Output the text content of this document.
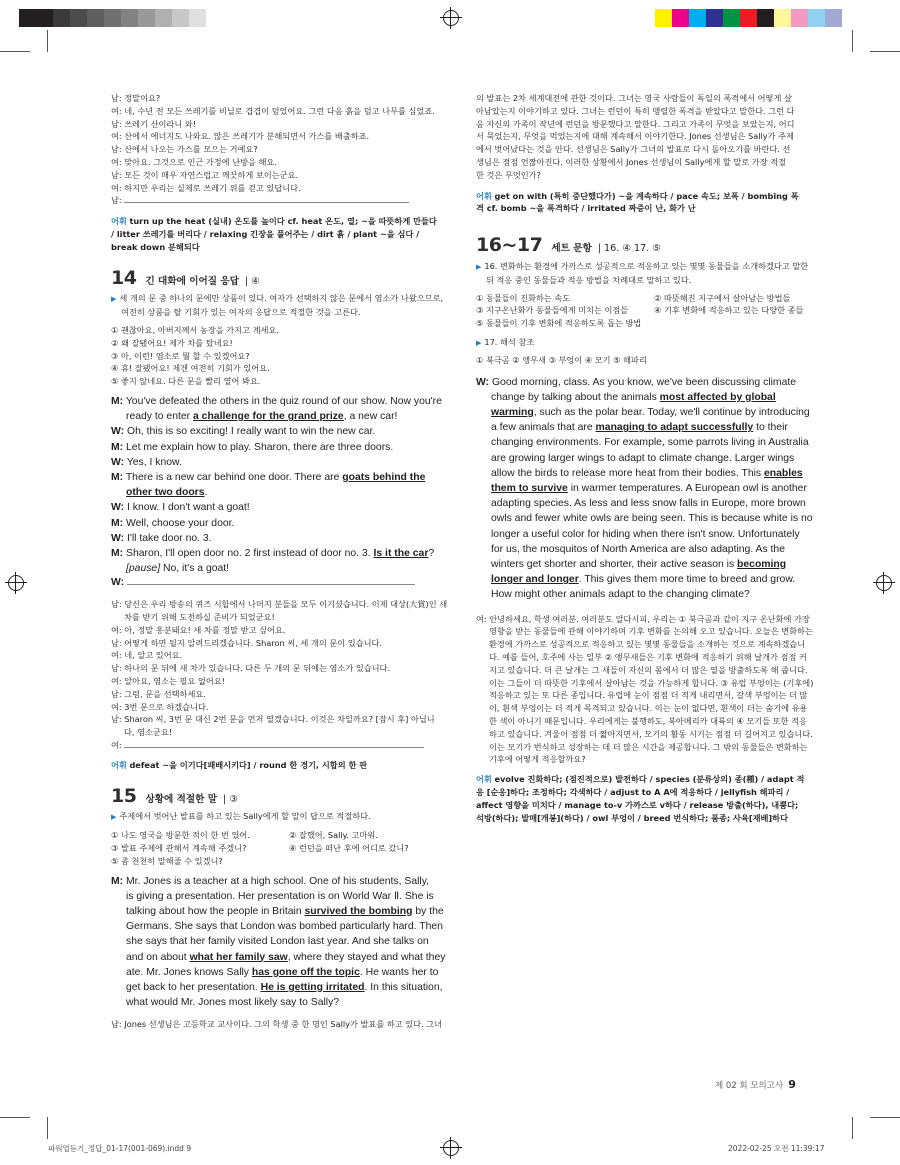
남: 정말이요?
여: 네, 수년 전 모든 쓰레기를 비닐로 겹겹이 덮었어요. 그런 다음 흙을 덮고 나무를 심었죠.
남: 쓰레기 산이라니 와!
여: 산에서 에너지도 나와요. 많은 쓰레기가 분해되면서 가스를 배출하죠.
남: 산에서 나오는 가스를 모으는 거예요?
여: 맞아요. 그것으로 인근 가정에 난방을 해요.
남: 모든 것이 매우 자연스럽고 깨끗하게 보이는군요.
여: 하지만 우리는 실제로 쓰레기 위를 걷고 있답니다.
남:
어휘 turn up the heat (실내) 온도를 높이다 cf. heat 온도, 열; ~을 따뜻하게 만들다 / litter 쓰레기를 버리다 / relaxing 긴장을 풀어주는 / dirt 흙 / plant ~을 심다 / break down 분해되다
14 긴 대화에 이어질 응답 | ④
▶ 세 개의 문 중 하나의 문에만 상품이 있다. 여자가 선택하지 않은 문에서 염소가 나왔으므로,
여전히 상품을 탈 기회가 있는 여자의 응답으로 적절한 것을 고른다.
① 괜찮아요, 아버지께서 농장을 가지고 계세요.
② 왜 잘됐어요! 제가 차를 탔네요!
③ 아, 이런! 염소로 뭘 할 수 있겠어요?
④ 휴! 잘됐어요! 제겐 여전히 기회가 있어요.
⑤ 좋지 않네요. 다른 문을 빨리 열어 봐요.
M: You've defeated the others in the quiz round of our show. Now you're
ready to enter a challenge for the grand prize, a new car!
W: Oh, this is so exciting! I really want to win the new car.
M: Let me explain how to play. Sharon, there are three doors.
W: Yes, I know.
M: There is a new car behind one door. There are goats behind the
other two doors.
W: I know. I don't want a goat!
M: Well, choose your door.
W: I'll take door no. 3.
M: Sharon, I'll open door no. 2 first instead of door no. 3. Is it the car?
[pause] No, it's a goat!
W:
남: 당신은 우리 방송의 퀴즈 시합에서 나머지 분들을 모두 이기셨습니다. 이제 대상(大賞)인 새
차를 받기 위해 도전하실 준비가 되었군요!
여: 아, 정말 흥분돼요! 새 차를 정말 받고 싶어요.
남: 어떻게 하면 될지 알려드리겠습니다. Sharon 씨, 세 개의 문이 있습니다.
여: 네, 알고 있어요.
남: 하나의 문 뒤에 새 차가 있습니다. 다른 두 개의 문 뒤에는 염소가 있습니다.
여: 알아요, 염소는 필요 없어요!
남: 그럼, 문을 선택하세요.
여: 3번 문으로 하겠습니다.
남: Sharon 씨, 3번 문 대신 2번 문을 먼저 열겠습니다. 이것은 차일까요? [잠시 후] 아닙니
다, 염소군요!
여:
어휘 defeat ~을 이기다[패배시키다] / round 한 경기, 시합의 한 판
15 상황에 적절한 말 | ③
▶ 주제에서 벗어난 발표를 하고 있는 Sally에게 할 말이 답으로 적절하다.
① 나도 영국을 방문한 적이 한 번 있어.	② 잘했어, Sally. 고마워.
③ 발표 주제에 관해서 계속해 주겠니?	④ 런던을 떠난 후에 어디로 갔니?
⑤ 좀 천천히 말해줄 수 있겠니?
M: Mr. Jones is a teacher at a high school. One of his students, Sally,
is giving a presentation. Her presentation is on World War Ⅱ. She is
talking about how the people in Britain survived the bombing by the
Germans. She says that London was bombed particularly hard. Then
she says that her family visited London last year. And she talks on
and on about what her family saw, where they stayed and what they
ate. Mr. Jones knows Sally has gone off the topic. He wants her to
get back to her presentation. He is getting irritated. In this situation,
what would Mr. Jones most likely say to Sally?
남: Jones 선생님은 고등학교 교사이다. 그의 학생 중 한 명인 Sally가 발표를 하고 있다. 그녀
의 발표는 2차 세계대전에 관한 것이다. 그녀는 영국 사람들이 독일의 폭격에서 어떻게 살
아남았는지 이야기하고 있다. 그녀는 런던이 특히 맹렬한 폭격을 받았다고 말한다. 그런 다
음 자신의 가족이 작년에 런던을 방문했다고 말한다. 그리고 가족이 무엇을 보았는지, 어디
서 묵었는지, 무엇을 먹었는지에 대해 계속해서 이야기한다. Jones 선생님은 Sally가 주제
에서 벗어났다는 것을 안다. 선생님은 Sally가 그녀의 발표로 다시 돌아오기를 바란다. 선
생님은 점점 언짢아진다. 이러한 상황에서 Jones 선생님이 Sally에게 할 말로 가장 적절
한 것은 무엇인가?
어휘 get on with (특히 중단했다가) ~을 계속하다 / pace 속도; 보폭 / bombing 폭격 cf. bomb ~을 폭격하다 / irritated 짜증이 난, 화가 난
16~17 세트 문항 | 16. ④ 17. ⑤
▶ 16. 변화하는 환경에 가까스로 성공적으로 적응하고 있는 몇몇 동물들을 소개하겠다고 말한
뒤 적응 중인 동물들과 적응 방법을 차례대로 말하고 있다.
① 동물들이 진화하는 속도	② 따뜻해진 지구에서 살아남는 방법들
③ 지구온난화가 동물들에게 미치는 이점들	④ 기후 변화에 적응하고 있는 다양한 종들
⑤ 동물들이 기후 변화에 적응하도록 돕는 방법
▶ 17. 해석 참조
① 북극곰 ② 앵무새 ③ 부엉이 ④ 모기 ⑤ 해파리
W: Good morning, class. As you know, we've been discussing climate
change by talking about the animals most affected by global
warming, such as the polar bear. Today, we'll continue by introducing
a few animals that are managing to adapt successfully to their
changing environments. For example, some parrots living in Australia
are growing larger wings to adapt to climate change. Larger wings
allow the birds to release more heat from their bodies. This enables
them to survive in warmer temperatures. A European owl is another
adapting species. As less and less snow falls in Europe, more brown
owls and fewer white owls are being seen. This is because white is no
longer a useful color for hiding when there isn't snow. Unfortunately
for us, the mosquitos of North America are also adapting. As the
winters get shorter and shorter, their active season is becoming
longer and longer. This gives them more time to breed and grow.
How might other animals adapt to the changing climate?
여: 안녕하세요, 학생 여러분. 여러분도 알다시피, 우리는 ① 북극곰과 같이 지구 온난화에 가장
영향을 받는 동물들에 관해 이야기하며 기후 변화를 논의해 오고 있습니다. 오늘은 변화하는
환경에 가까스로 성공적으로 적응하고 있는 몇몇 동물들을 소개하는 것으로 계속하겠습니
다. 예를 들어, 호주에 사는 일부 ② 앵무새들은 기후 변화에 적응하기 위해 날개가 점점 커
지고 있습니다. 더 큰 날개는 그 새들이 자신의 몸에서 더 많은 열을 방출하도록 해 줍니다.
이는 그들이 더 따뜻한 기후에서 살아남는 것을 가능하게 합니다. ③ 유럽 부엉이는 (기후에)
적응하고 있는 또 다른 종입니다. 유럽에 눈이 점점 더 적게 내리면서, 갈색 부엉이는 더 많
이, 흰색 부엉이는 더 적게 목격되고 있습니다. 이는 눈이 없다면, 흰색이 더는 숨기에 유용
한 색이 아니기 때문입니다. 우리에게는 불행하도, 북아메리카 대륙의 ④ 모기들 또한 적응
하고 있습니다. 겨울이 점점 더 짧아지면서, 모기의 활동 시기는 점점 더 길어지고 있습니다.
이는 모기가 번식하고 성장하는 데 더 많은 시간을 제공합니다. 그 밖의 동물들은 변화하는
기후에 어떻게 적응할까요?
어휘 evolve 진화하다; (점진적으로) 발전하다 / species (분류상의) 종(種) / adapt 적응 [순응]하다; 조정하다; 각색하다 / adjust to A A에 적응하다 / jellyfish 해파리 / affect 영향을 미치다 / manage to-v 가까스로 v하다 / release 방출(하다), 내뿜다; 석방(하다); 발매[개봉](하다) / owl 부엉이 / breed 번식하다; 품종; 사육[재배]하다
제 02 회 모의고사 9
파워업듣기_정답_01-17(001-069).indd 9	2022-02-25 오전 11:39:17
